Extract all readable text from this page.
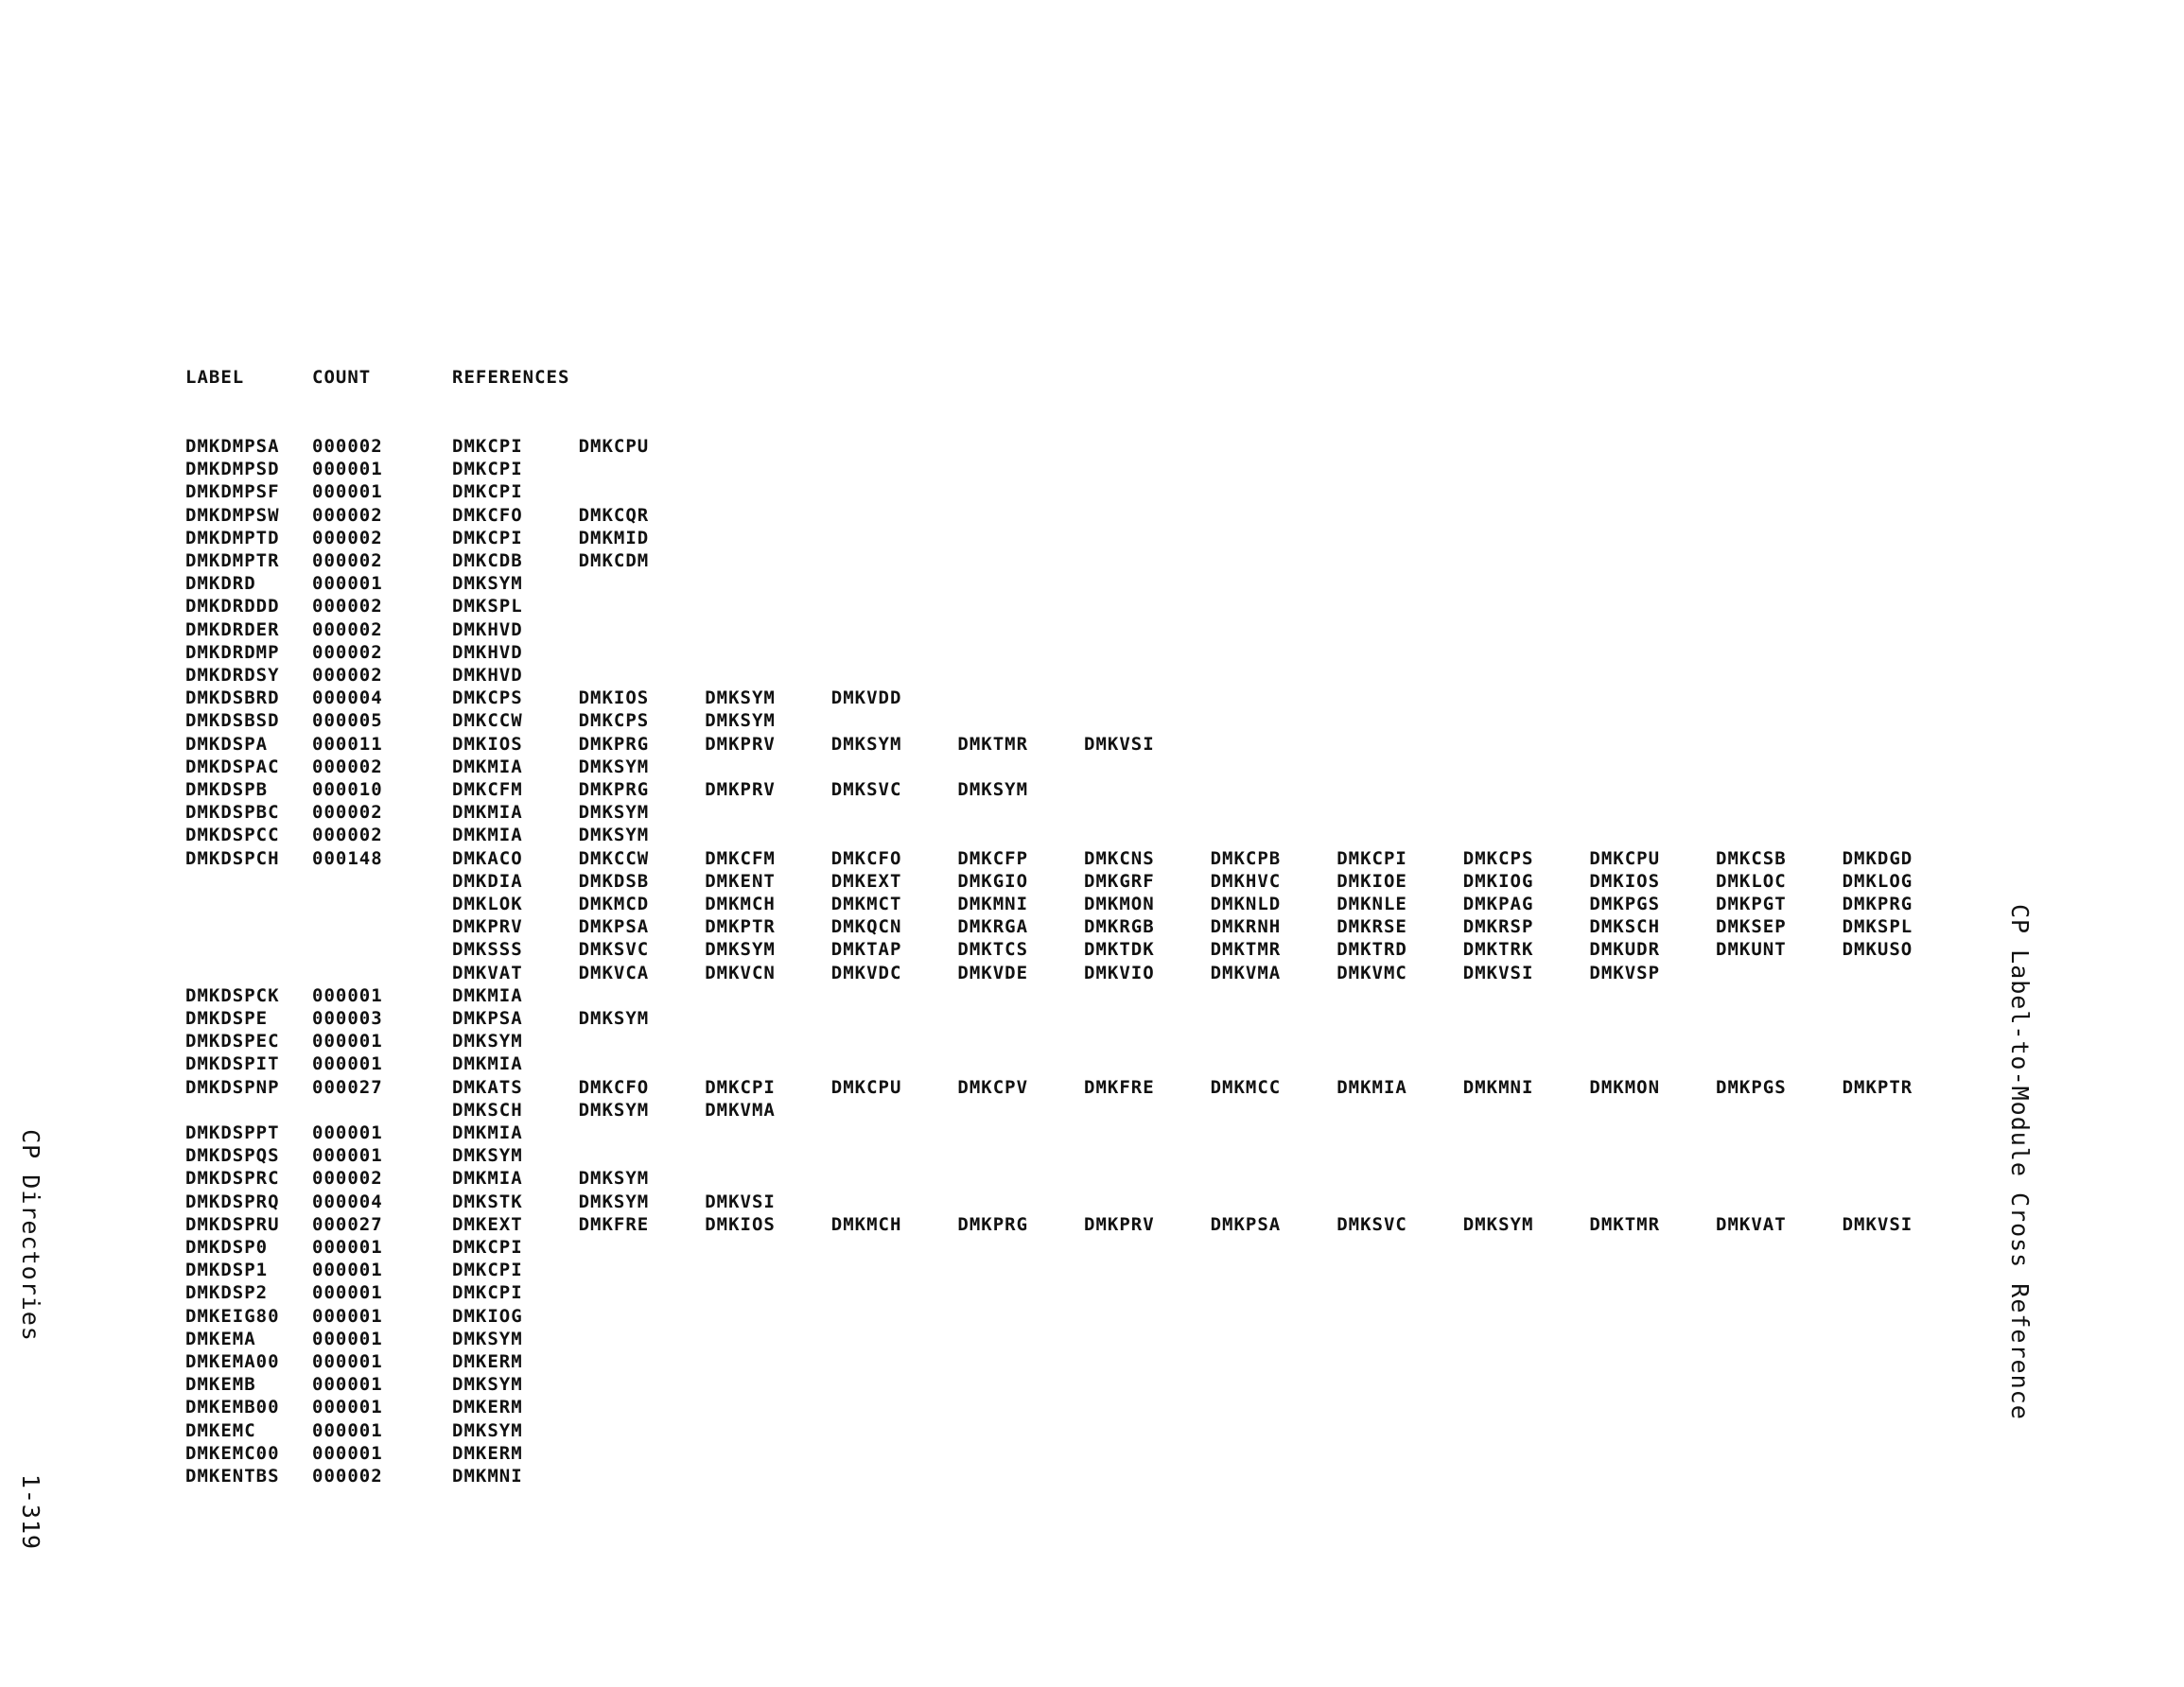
LABEL	COUNT	REFERENCES
DMKDMPSA 000002	DMKCPI	DMKCPU
DMKDMPSD 000001	DMKCPI
DMKDMPSF 000001	DMKCPI
DMKDMPSW 000002	DMKCFO	DMKCQR
DMKDMPTD 000002	DMKCPI	DMKMID
DMKDMPTR 000002	DMKCDB	DMKCDM
DMKDRD	000001	DMKSYM
DMKDRDDD 000002	DMKSPL
DMKDRDER 000002	DMKHVD
DMKDRDMP 000002	DMKHVD
DMKDRDSY 000002	DMKHVD
DMKDSBRD 000004	DMKCPS	DMKIOS	DMKSYM	DMKVDD
DMKDSBSD 000005	DMKCCW	DMKCPS	DMKSYM
DMKDSPA 000011	DMKIOS	DMKPRG	DMKPRV	DMKSYM	DMKTMR	DMKVSI
DMKDSPAC 000002	DMKMIA	DMKSYM
DMKDSPB 000010	DMKCFM	DMKPRG	DMKPRV	DMKSVC	DMKSYM
DMKDSPBC 000002	DMKMIA	DMKSYM
DMKDSPCC 000002	DMKMIA	DMKSYM
DMKDSPCH 000148	DMKACO	DMKCCW	DMKCFM	DMKCFO	DMKCFP	DMKCNS	DMKCPB	DMKCPI	DMKCPS	DMKCPU	DMKCSB	DMKDGD
DMKDIA	DMKDSB	DMKENT	DMKEXT	DMKGIO	DMKGRF	DMKHVC	DMKIOE	DMKIOG	DMKIOS	DMKLOC	DMKLOG
DMKLOK	DMKMCD	DMKMCH	DMKMCT	DMKMNI	DMKMON	DMKNLD	DMKNLE	DMKPAG	DMKPGS	DMKPGT	DMKPRG
DMKPRV	DMKPSA	DMKPTR	DMKQCN	DMKRGA	DMKRGB	DMKRNH	DMKRSE	DMKRSP	DMKSCH	DMKSEP	DMKSPL
DMKSSS	DMKSVC	DMKSYM	DMKTAP	DMKTCS	DMKTDK	DMKTMR	DMKTRD	DMKTRK	DMKUDR	DMKUNT	DMKUSO
DMKVAT	DMKVCA	DMKVCN	DMKVDC	DMKVDE	DMKVIO	DMKVMA	DMKVMC	DMKVSI	DMKVSP
DMKDSPCK 000001	DMKMIA
DMKDSPE 000003	DMKPSA	DMKSYM
DMKDSPEC 000001	DMKSYM
DMKDSPIT 000001	DMKMIA
DMKDSPNP 000027	DMKATS	DMKCFO	DMKCPI	DMKCPU	DMKCPV	DMKFRE	DMKMCC	DMKMIA	DMKMNI	DMKMON	DMKPGS	DMKPTR
DMKSCH	DMKSYM	DMKVMA
DMKDSPPT 000001	DMKMIA
DMKDSPQS 000001	DMKSYM
DMKDSPRC 000002	DMKMIA	DMKSYM
DMKDSPRQ 000004	DMKSTK	DMKSYM	DMKVSI
DMKDSPRU 000027	DMKEXT	DMKFRE	DMKIOS	DMKMCH	DMKPRG	DMKPRV	DMKPSA	DMKSVC	DMKSYM	DMKTMR	DMKVAT	DMKVSI
DMKDSP0 000001	DMKCPI
DMKDSP1 000001	DMKCPI
DMKDSP2 000001	DMKCPI
DMKEIG80 000001	DMKIOG
DMKEMA	000001	DMKSYM
DMKEMA00 000001	DMKERM
DMKEMB	000001	DMKSYM
DMKEMB00 000001	DMKERM
DMKEMC	000001	DMKSYM
DMKEMC00 000001	DMKERM
DMKENTBS 000002	DMKMNI
CP Label-to-Module Cross Reference

CP Directories1-319
